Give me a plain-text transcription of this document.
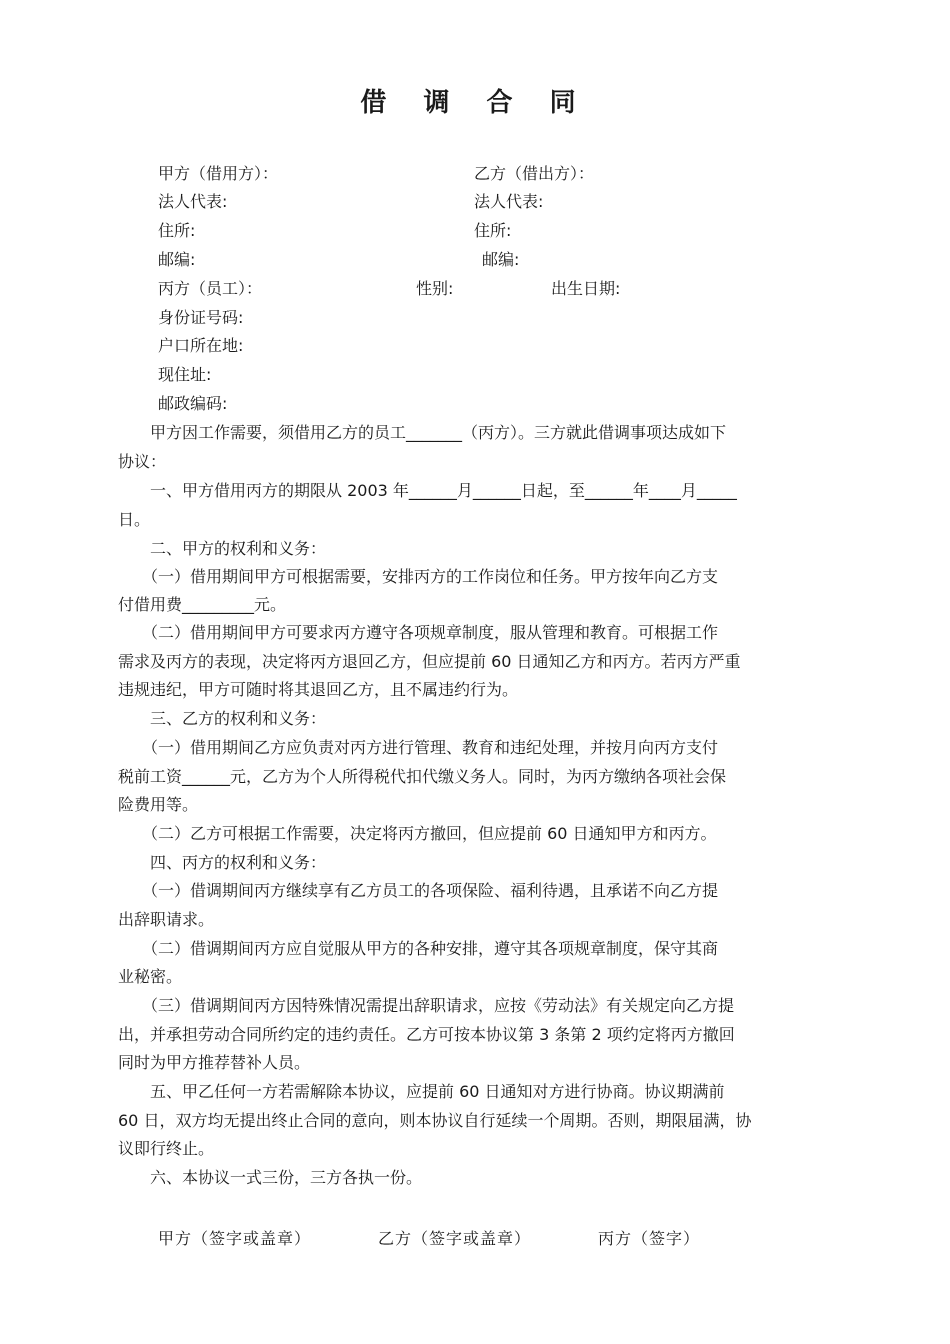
借 调 合 同
甲方（借用方）：	乙方（借出方）：
法人代表:	法人代表:
住所:	住所:
邮编:	邮编:
丙方（员工）：	性别:	出生日期:
身份证号码:
户口所在地:
现住址:
邮政编码:
　　甲方因工作需要，须借用乙方的员工_______（丙方）。三方就此借调事项达成如下
协议：
　　一、甲方借用丙方的期限从 2003 年______月______日起，至______年____月_____
日。
　　二、甲方的权利和义务：
　　（一）借用期间甲方可根据需要，安排丙方的工作岗位和任务。甲方按年向乙方支
付借用费_________元。
　　（二）借用期间甲方可要求丙方遵守各项规章制度，服从管理和教育。可根据工作
需求及丙方的表现，决定将丙方退回乙方，但应提前 60 日通知乙方和丙方。若丙方严重
违规违纪，甲方可随时将其退回乙方，且不属违约行为。
　　三、乙方的权利和义务：
　　（一）借用期间乙方应负责对丙方进行管理、教育和违纪处理，并按月向丙方支付
税前工资______元，乙方为个人所得税代扣代缴义务人。同时，为丙方缴纳各项社会保
险费用等。
　　（二）乙方可根据工作需要，决定将丙方撤回，但应提前 60 日通知甲方和丙方。
　　四、丙方的权利和义务：
　　（一）借调期间丙方继续享有乙方员工的各项保险、福利待遇，且承诺不向乙方提
出辞职请求。
　　（二）借调期间丙方应自觉服从甲方的各种安排，遵守其各项规章制度，保守其商
业秘密。
　　（三）借调期间丙方因特殊情况需提出辞职请求，应按《劳动法》有关规定向乙方提
出，并承担劳动合同所约定的违约责任。乙方可按本协议第 3 条第 2 项约定将丙方撤回
同时为甲方推荐替补人员。
　　五、甲乙任何一方若需解除本协议，应提前 60 日通知对方进行协商。协议期满前
60 日，双方均无提出终止合同的意向，则本协议自行延续一个周期。否则，期限届满，协
议即行终止。
　　六、本协议一式三份，三方各执一份。
甲方（签字或盖章）	乙方（签字或盖章）	丙方（签字）
